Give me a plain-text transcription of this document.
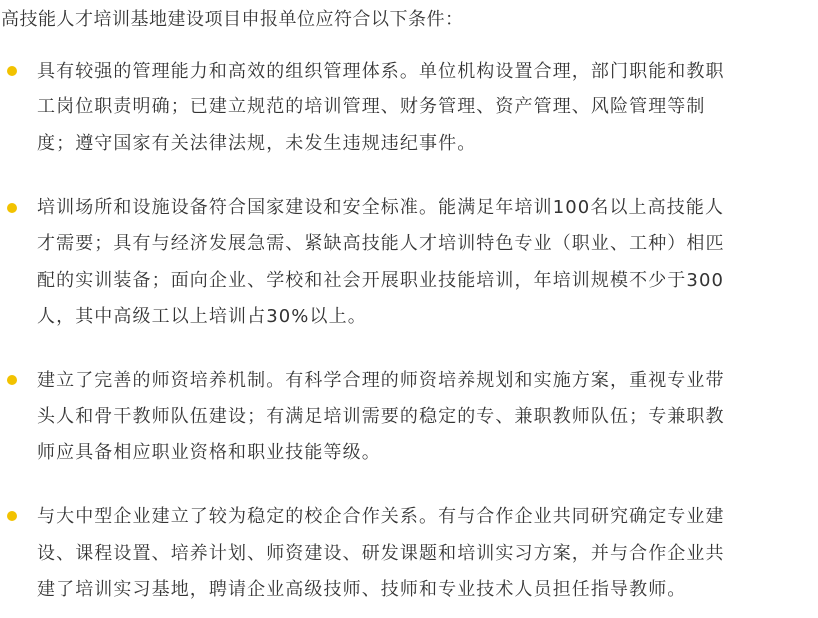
高技能人才培训基地建设项目申报单位应符合以下条件：
具有较强的管理能力和高效的组织管理体系。单位机构设置合理，部门职能和教职
工岗位职责明确；已建立规范的培训管理、财务管理、资产管理、风险管理等制
度；遵守国家有关法律法规，未发生违规违纪事件。
培训场所和设施设备符合国家建设和安全标准。能满足年培训100名以上高技能人
才需要；具有与经济发展急需、紧缺高技能人才培训特色专业（职业、工种）相匹
配的实训装备；面向企业、学校和社会开展职业技能培训，年培训规模不少于300
人，其中高级工以上培训占30%以上。
建立了完善的师资培养机制。有科学合理的师资培养规划和实施方案，重视专业带
头人和骨干教师队伍建设；有满足培训需要的稳定的专、兼职教师队伍；专兼职教
师应具备相应职业资格和职业技能等级。
与大中型企业建立了较为稳定的校企合作关系。有与合作企业共同研究确定专业建
设、课程设置、培养计划、师资建设、研发课题和培训实习方案，并与合作企业共
建了培训实习基地，聘请企业高级技师、技师和专业技术人员担任指导教师。
